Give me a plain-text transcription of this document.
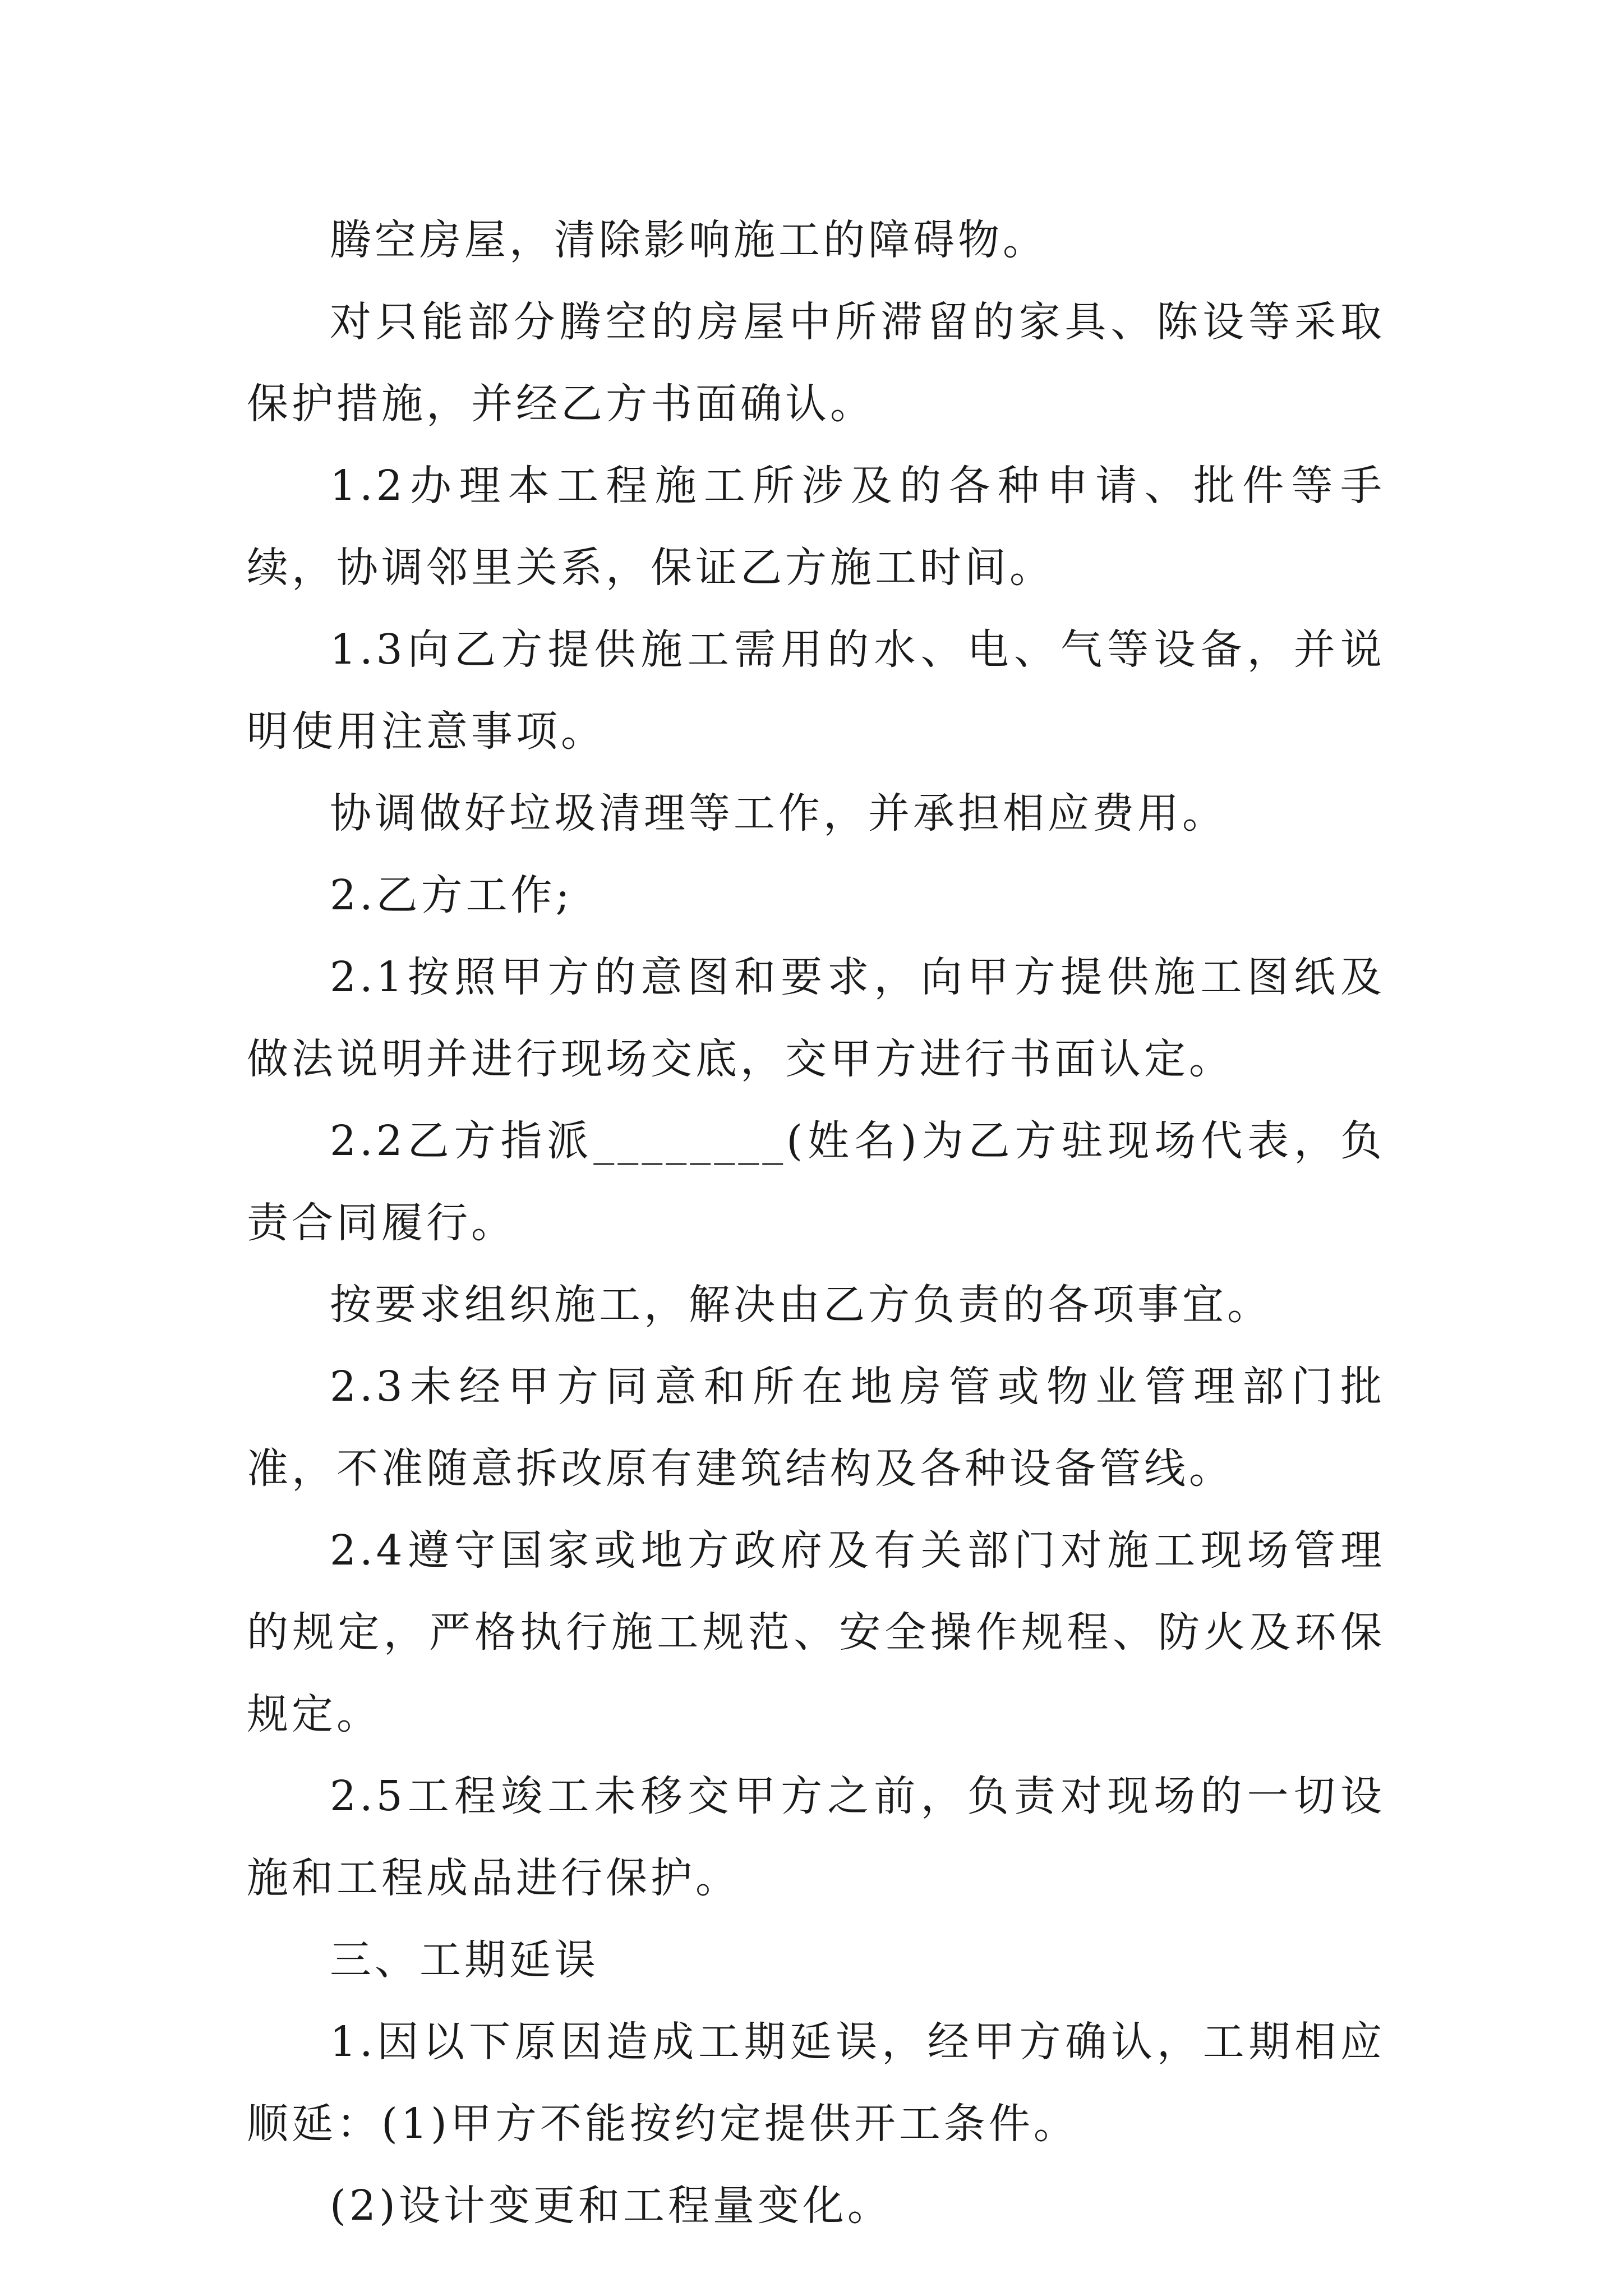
腾空房屋，清除影响施工的障碍物。

对只能部分腾空的房屋中所滞留的家具、陈设等采取保护措施，并经乙方书面确认。

1.2办理本工程施工所涉及的各种申请、批件等手续，协调邻里关系，保证乙方施工时间。

1.3向乙方提供施工需用的水、电、气等设备，并说明使用注意事项。

协调做好垃圾清理等工作，并承担相应费用。

2.乙方工作;

2.1按照甲方的意图和要求，向甲方提供施工图纸及做法说明并进行现场交底，交甲方进行书面认定。

2.2乙方指派________(姓名)为乙方驻现场代表，负责合同履行。

按要求组织施工，解决由乙方负责的各项事宜。

2.3未经甲方同意和所在地房管或物业管理部门批准，不准随意拆改原有建筑结构及各种设备管线。

2.4遵守国家或地方政府及有关部门对施工现场管理的规定，严格执行施工规范、安全操作规程、防火及环保规定。

2.5工程竣工未移交甲方之前，负责对现场的一切设施和工程成品进行保护。

三、工期延误

1.因以下原因造成工期延误，经甲方确认，工期相应顺延：(1)甲方不能按约定提供开工条件。

(2)设计变更和工程量变化。
